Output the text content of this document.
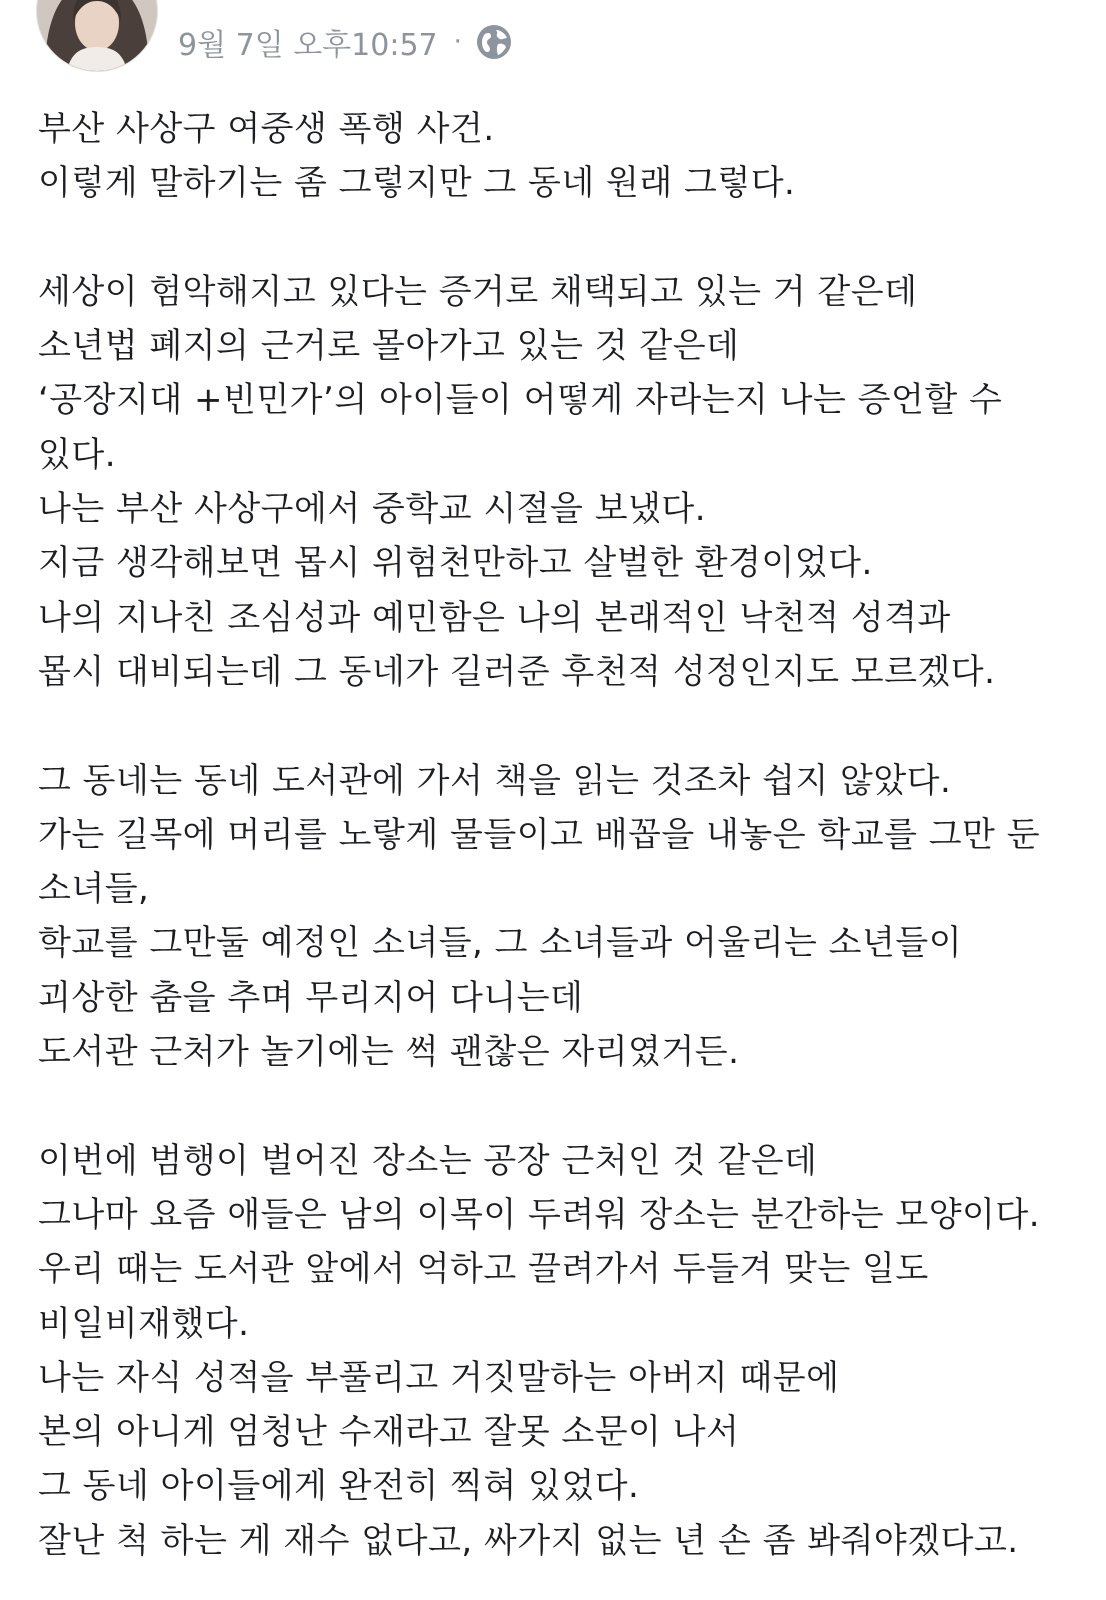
9월 7일 오후10:57 ·
부산 사상구 여중생 폭행 사건.
이렇게 말하기는 좀 그렇지만 그 동네 원래 그렇다.
세상이 험악해지고 있다는 증거로 채택되고 있는 거 같은데
소년법 폐지의 근거로 몰아가고 있는 것 같은데
‘공장지대 +빈민가’의 아이들이 어떻게 자라는지 나는 증언할 수
있다.
나는 부산 사상구에서 중학교 시절을 보냈다.
지금 생각해보면 몹시 위험천만하고 살벌한 환경이었다.
나의 지나친 조심성과 예민함은 나의 본래적인 낙천적 성격과
몹시 대비되는데 그 동네가 길러준 후천적 성정인지도 모르겠다.
그 동네는 동네 도서관에 가서 책을 읽는 것조차 쉽지 않았다.
가는 길목에 머리를 노랗게 물들이고 배꼽을 내놓은 학교를 그만 둔
소녀들,
학교를 그만둘 예정인 소녀들, 그 소녀들과 어울리는 소년들이
괴상한 춤을 추며 무리지어 다니는데
도서관 근처가 놀기에는 썩 괜찮은 자리였거든.
이번에 범행이 벌어진 장소는 공장 근처인 것 같은데
그나마 요즘 애들은 남의 이목이 두려워 장소는 분간하는 모양이다.
우리 때는 도서관 앞에서 억하고 끌려가서 두들겨 맞는 일도
비일비재했다.
나는 자식 성적을 부풀리고 거짓말하는 아버지 때문에
본의 아니게 엄청난 수재라고 잘못 소문이 나서
그 동네 아이들에게 완전히 찍혀 있었다.
잘난 척 하는 게 재수 없다고, 싸가지 없는 년 손 좀 봐줘야겠다고.
